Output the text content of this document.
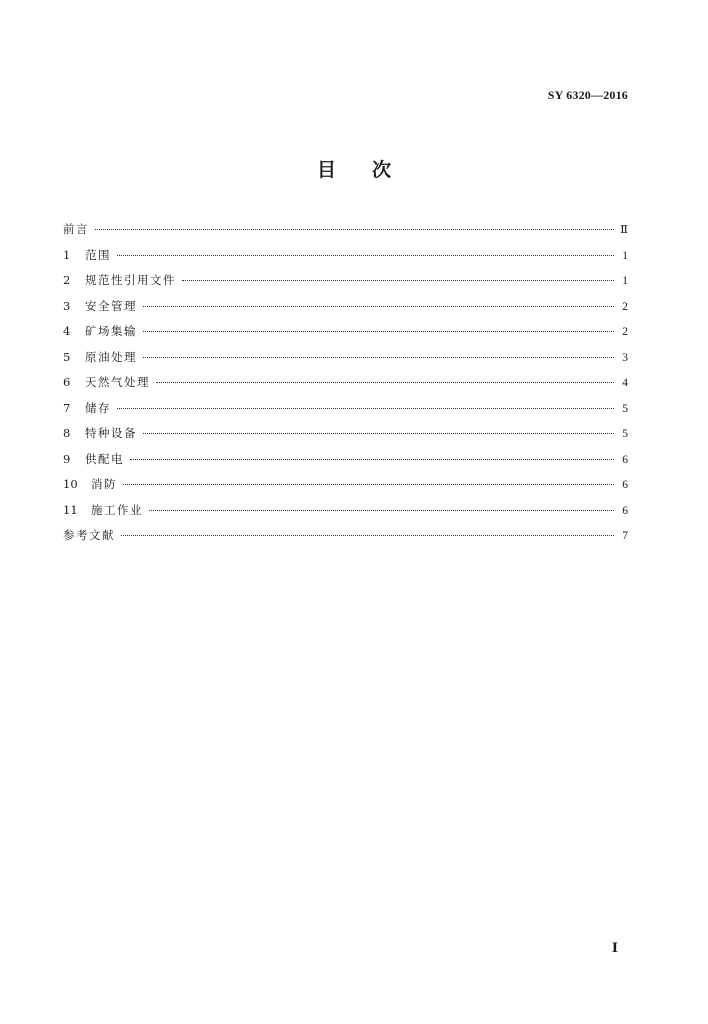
SY 6320—2016
目次
前言	Ⅱ
1	范围	1
2	规范性引用文件	1
3	安全管理	2
4	矿场集输	2
5	原油处理	3
6	天然气处理	4
7	储存	5
8	特种设备	5
9	供配电	6
10	消防	6
11	施工作业	6
参考文献	7
Ⅰ
